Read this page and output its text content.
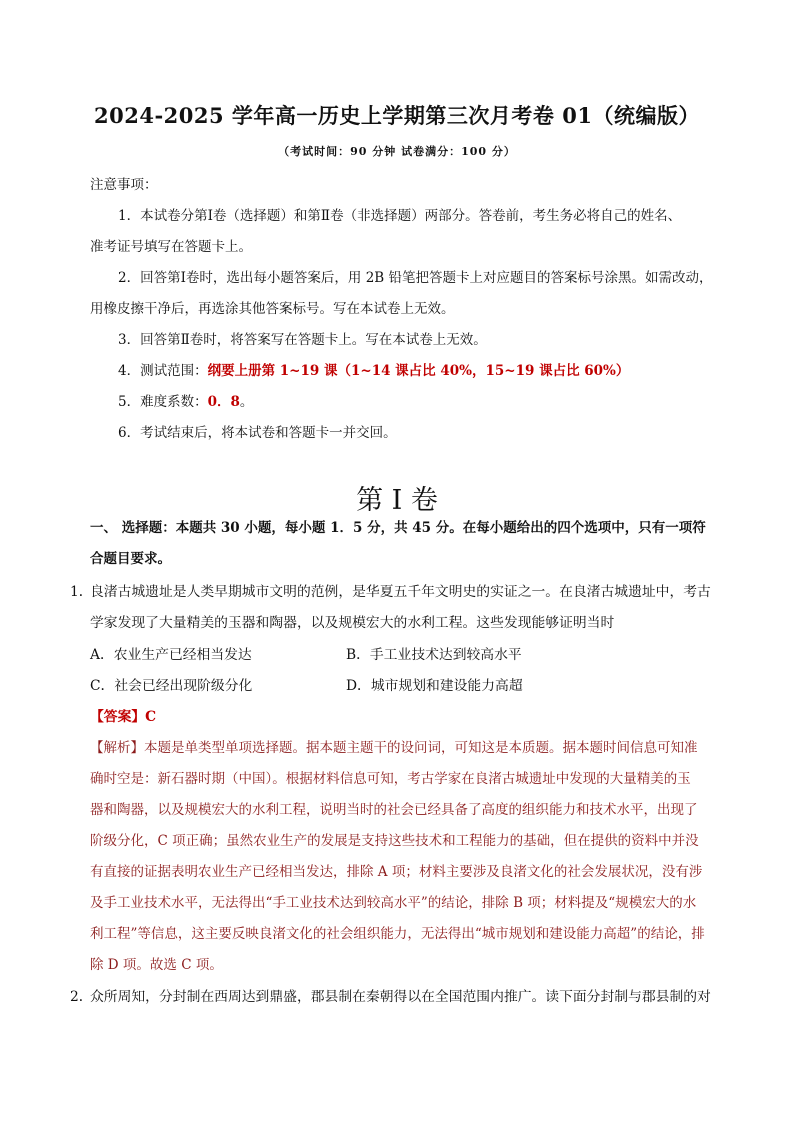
2024-2025 学年高一历史上学期第三次月考卷 01（统编版）
（考试时间：90 分钟 试卷满分：100 分）
注意事项：
1．本试卷分第Ⅰ卷（选择题）和第Ⅱ卷（非选择题）两部分。答卷前，考生务必将自己的姓名、
准考证号填写在答题卡上。
2．回答第Ⅰ卷时，选出每小题答案后，用 2B 铅笔把答题卡上对应题目的答案标号涂黑。如需改动，
用橡皮擦干净后，再选涂其他答案标号。写在本试卷上无效。
3．回答第Ⅱ卷时，将答案写在答题卡上。写在本试卷上无效。
4．测试范围：纲要上册第 1~19 课（1~14 课占比 40%，15~19 课占比 60%）
5．难度系数：0．8。
6．考试结束后，将本试卷和答题卡一并交回。
第 I 卷
一、 选择题：本题共 30 小题，每小题 1．5 分，共 45 分。在每小题给出的四个选项中，只有一项符
合题目要求。
1．
良渚古城遗址是人类早期城市文明的范例，是华夏五千年文明史的实证之一。在良渚古城遗址中，考古
学家发现了大量精美的玉器和陶器，以及规模宏大的水利工程。这些发现能够证明当时
A．农业生产已经相当发达	B．手工业技术达到较高水平
C．社会已经出现阶级分化	D．城市规划和建设能力高超
【答案】C
【解析】本题是单类型单项选择题。据本题主题干的设问词，可知这是本质题。据本题时间信息可知准
确时空是：新石器时期（中国）。根据材料信息可知，考古学家在良渚古城遗址中发现的大量精美的玉
器和陶器，以及规模宏大的水利工程，说明当时的社会已经具备了高度的组织能力和技术水平，出现了
阶级分化，C 项正确；虽然农业生产的发展是支持这些技术和工程能力的基础，但在提供的资料中并没
有直接的证据表明农业生产已经相当发达，排除 A 项；材料主要涉及良渚文化的社会发展状况，没有涉
及手工业技术水平，无法得出“手工业技术达到较高水平”的结论，排除 B 项；材料提及“规模宏大的水
利工程”等信息，这主要反映良渚文化的社会组织能力，无法得出“城市规划和建设能力高超”的结论，排
除 D 项。故选 C 项。
2．
众所周知，分封制在西周达到鼎盛，郡县制在秦朝得以在全国范围内推广。读下面分封制与郡县制的对
